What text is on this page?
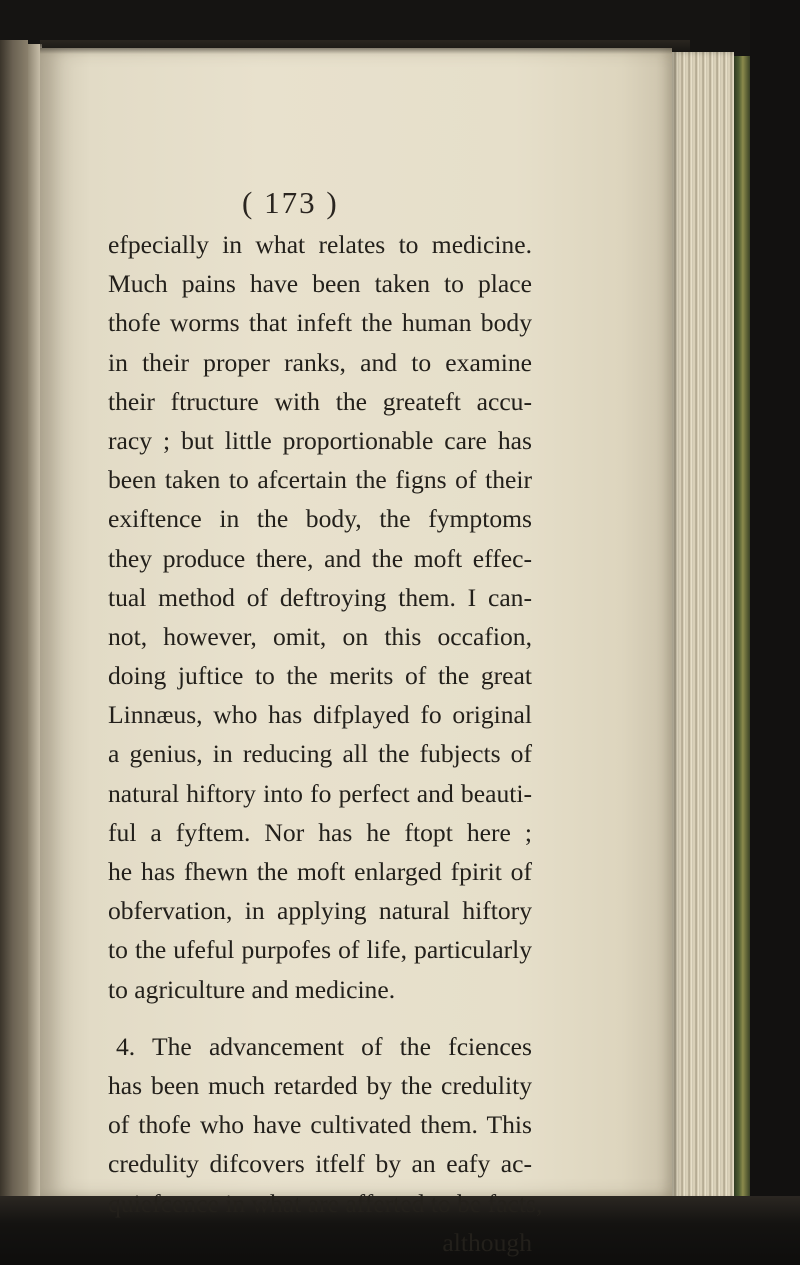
( 173 )
efpecially in what relates to medicine.
Much pains have been taken to place
thofe worms that infeft the human body
in their proper ranks, and to examine
their ftructure with the greateft accu-
racy ; but little proportionable care has
been taken to afcertain the figns of their
exiftence in the body, the fymptoms
they produce there, and the moft effec-
tual method of deftroying them. I can-
not, however, omit, on this occafion,
doing juftice to the merits of the great
Linnæus, who has difplayed fo original
a genius, in reducing all the fubjects of
natural hiftory into fo perfect and beauti-
ful a fyftem. Nor has he ftopt here ;
he has fhewn the moft enlarged fpirit of
obfervation, in applying natural hiftory
to the ufeful purpofes of life, particularly
to agriculture and medicine.
4. The advancement of the fciences
has been much retarded by the credulity
of thofe who have cultivated them. This
credulity difcovers itfelf by an eafy ac-
quiefcence in what are afferted to be facts,
although
